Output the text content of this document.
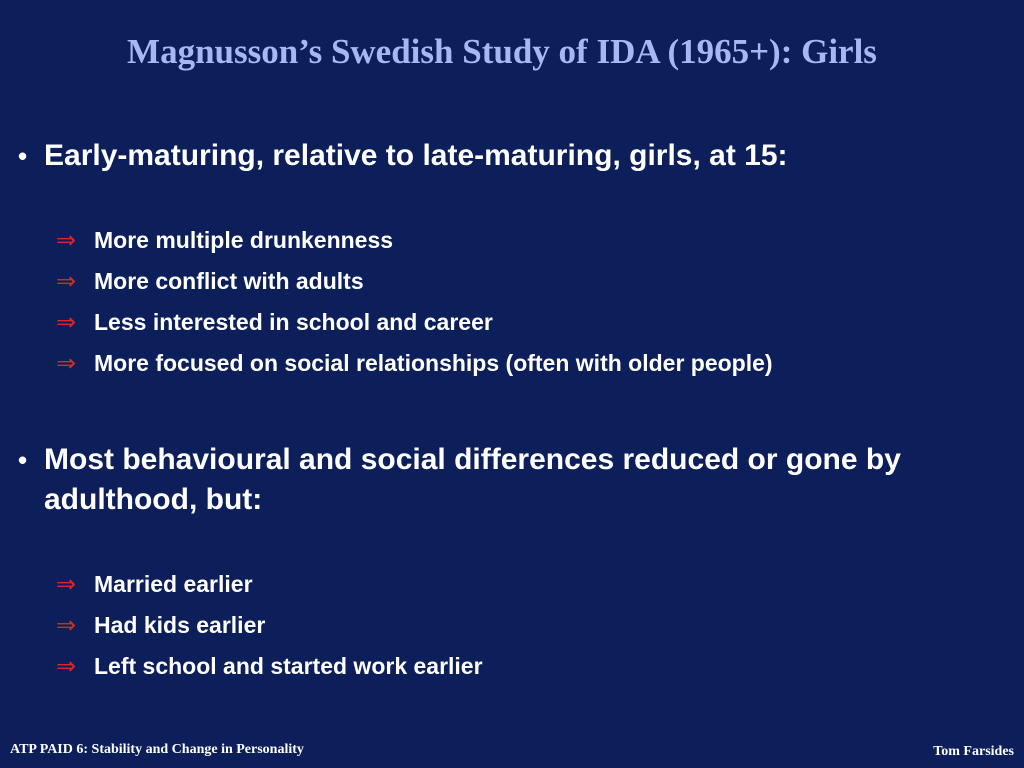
Magnusson’s Swedish Study of IDA (1965+): Girls
• Early-maturing, relative to late-maturing, girls, at 15:
⇒ More multiple drunkenness
⇒ More conflict with adults
⇒ Less interested in school and career
⇒ More focused on social relationships (often with older people)
• Most behavioural and social differences reduced or gone by adulthood, but:
⇒ Married earlier
⇒ Had kids earlier
⇒ Left school and started work earlier
ATP PAID 6: Stability and Change in Personality	Tom Farsides
